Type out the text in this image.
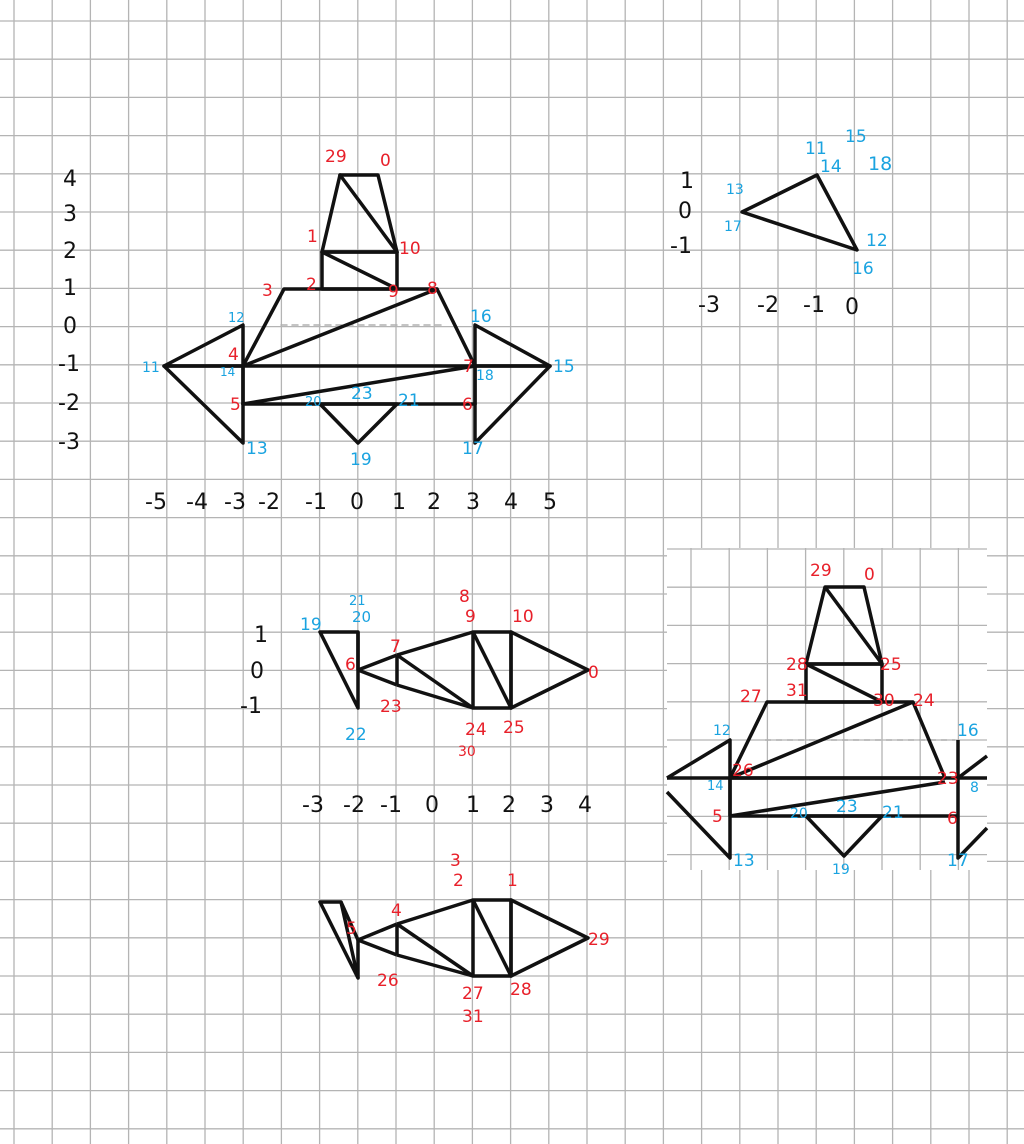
4
3
2
1
0
-1
-2
-3
-5 -4 -3 -2 -1 0 1 2 3 4 5
29 0
1
10
3 2	9 8
4
7
5	6
12
11	14
16
15
18
20 23 21
13
19
17
1
0
-1
-3 -2 -1 0
11
15
14 18
13
17
12
16
1
0
-1
-3 -2 -1 0 1 2 3 4
8
9 10
7
6
23
24 25
0
19
21
20
22
30
29 0
28	25
27 31	30 24
26	23
5	6
12	16
14	8
20 23 21
13	19	17
3
2	1
4
5
29
26
27
31
28
